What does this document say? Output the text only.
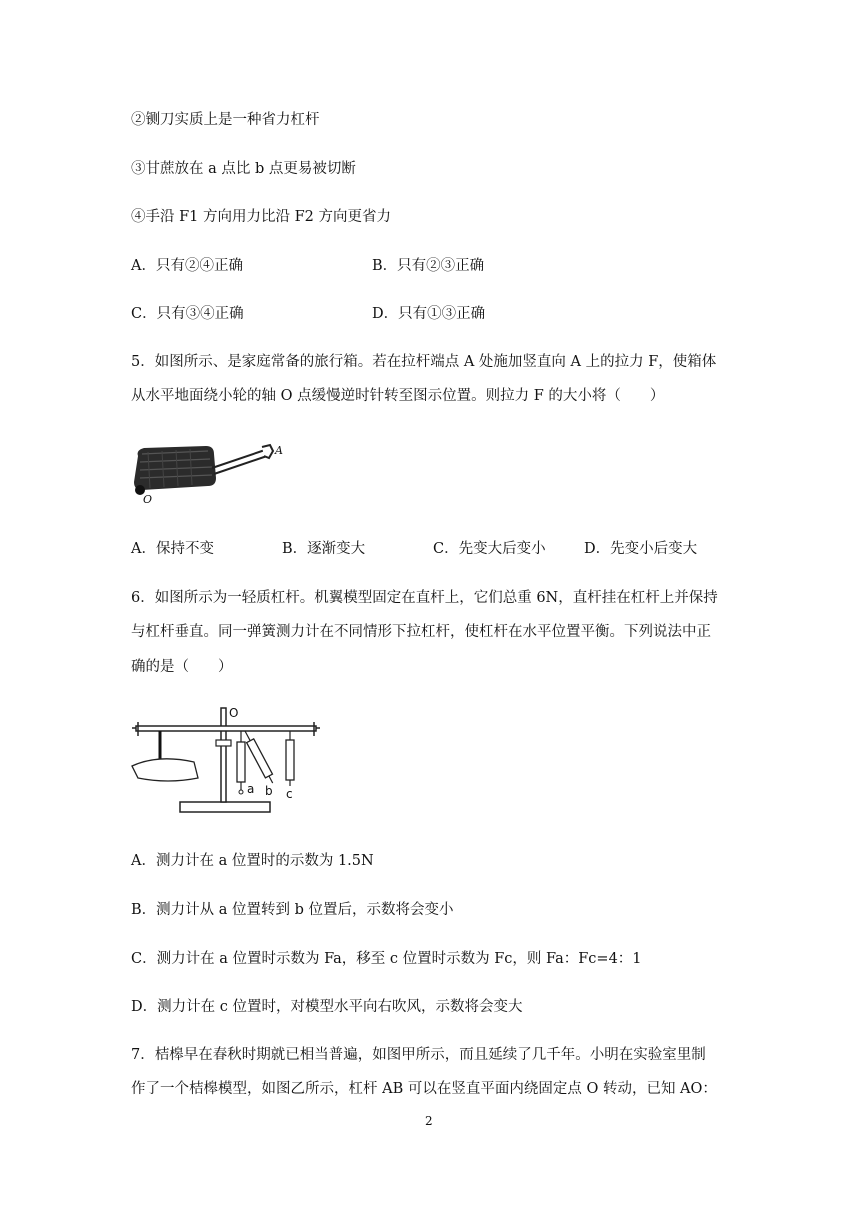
②铡刀实质上是一种省力杠杆
③甘蔗放在 a 点比 b 点更易被切断
④手沿 F1 方向用力比沿 F2 方向更省力
A．只有②④正确	B．只有②③正确
C．只有③④正确	D．只有①③正确
5．如图所示、是家庭常备的旅行箱。若在拉杆端点 A 处施加竖直向 A 上的拉力 F，使箱体
从水平地面绕小轮的轴 O 点缓慢逆时针转至图示位置。则拉力 F 的大小将（　　）
A
O
A．保持不变	B．逐渐变大	C．先变大后变小	D．先变小后变大
6．如图所示为一轻质杠杆。机翼模型固定在直杆上，它们总重 6N，直杆挂在杠杆上并保持
与杠杆垂直。同一弹簧测力计在不同情形下拉杠杆，使杠杆在水平位置平衡。下列说法中正
确的是（　　）
O
a b c
A．测力计在 a 位置时的示数为 1.5N
B．测力计从 a 位置转到 b 位置后，示数将会变小
C．测力计在 a 位置时示数为 Fa，移至 c 位置时示数为 Fc，则 Fa：Fc=4：1
D．测力计在 c 位置时，对模型水平向右吹风，示数将会变大
7．桔槔早在春秋时期就已相当普遍，如图甲所示，而且延续了几千年。小明在实验室里制
作了一个桔槔模型，如图乙所示，杠杆 AB 可以在竖直平面内绕固定点 O 转动，已知 AO：
2
